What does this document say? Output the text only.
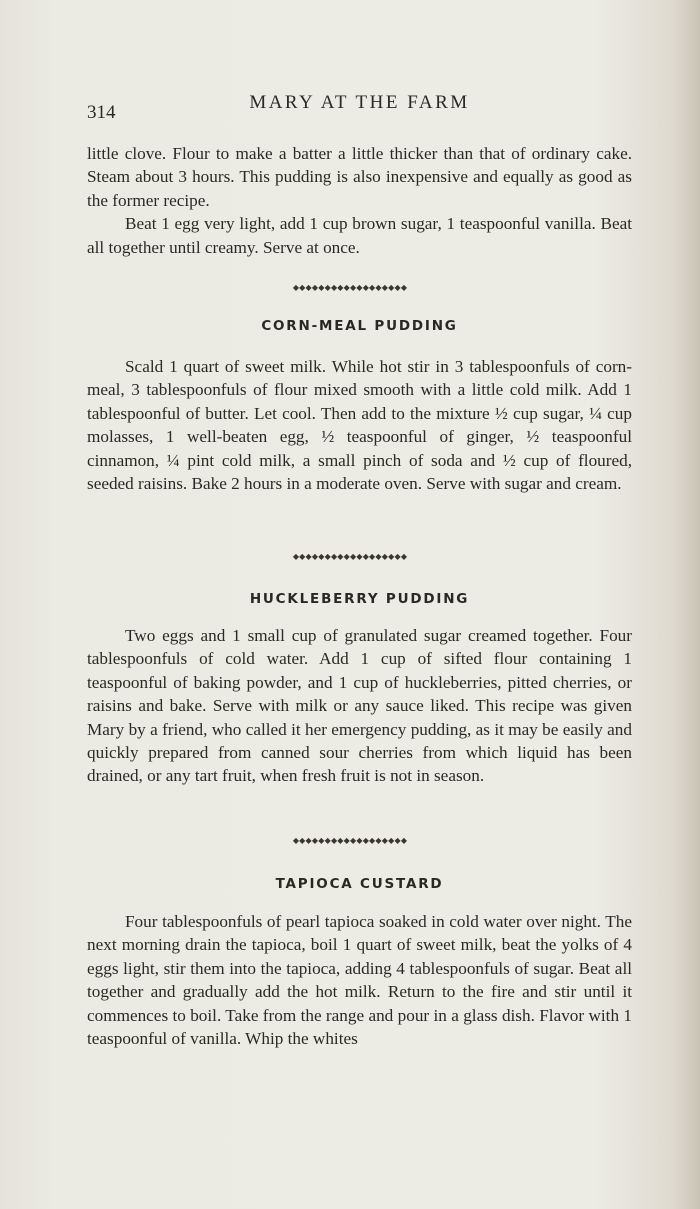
314	MARY AT THE FARM

little clove. Flour to make a batter a little thicker than that of ordinary cake. Steam about 3 hours. This pudding is also inexpensive and equally as good as the former recipe.

Beat 1 egg very light, add 1 cup brown sugar, 1 teaspoonful vanilla. Beat all together until creamy. Serve at once.

◆◆◆◆◆◆◆◆◆◆◆◆◆◆◆◆◆◆
CORN-MEAL PUDDING

Scald 1 quart of sweet milk. While hot stir in 3 tablespoonfuls of corn-meal, 3 tablespoonfuls of flour mixed smooth with a little cold milk. Add 1 tablespoonful of butter. Let cool. Then add to the mixture ½ cup sugar, ¼ cup molasses, 1 well-beaten egg, ½ teaspoonful of ginger, ½ teaspoonful cinnamon, ¼ pint cold milk, a small pinch of soda and ½ cup of floured, seeded raisins. Bake 2 hours in a moderate oven. Serve with sugar and cream.

◆◆◆◆◆◆◆◆◆◆◆◆◆◆◆◆◆◆
HUCKLEBERRY PUDDING

Two eggs and 1 small cup of granulated sugar creamed together. Four tablespoonfuls of cold water. Add 1 cup of sifted flour containing 1 teaspoonful of baking powder, and 1 cup of huckleberries, pitted cherries, or raisins and bake. Serve with milk or any sauce liked. This recipe was given Mary by a friend, who called it her emergency pudding, as it may be easily and quickly prepared from canned sour cherries from which liquid has been drained, or any tart fruit, when fresh fruit is not in season.

◆◆◆◆◆◆◆◆◆◆◆◆◆◆◆◆◆◆
TAPIOCA CUSTARD

Four tablespoonfuls of pearl tapioca soaked in cold water over night. The next morning drain the tapioca, boil 1 quart of sweet milk, beat the yolks of 4 eggs light, stir them into the tapioca, adding 4 tablespoonfuls of sugar. Beat all together and gradually add the hot milk. Return to the fire and stir until it commences to boil. Take from the range and pour in a glass dish. Flavor with 1 teaspoonful of vanilla. Whip the whites
